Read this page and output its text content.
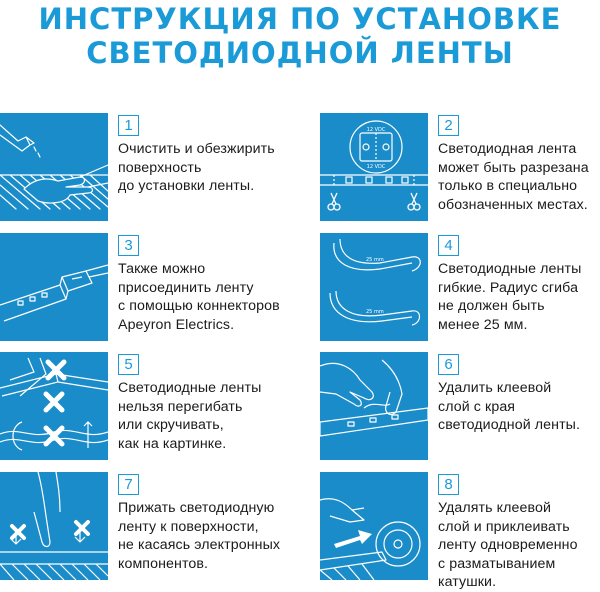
ИНСТРУКЦИЯ ПО УСТАНОВКЕ
СВЕТОДИОДНОЙ ЛЕНТЫ
1
Очистить и обезжирить
поверхность
до установки ленты.
12 VDC
12 VDC
2
Светодиодная лента
может быть разрезана
только в специально
обозначенных местах.
3
Также можно
присоединить ленту
с помощью коннекторов
Apeyron Electrics.
25 mm
25 mm
4
Светодиодные ленты
гибкие. Радиус сгиба
не должен быть
менее 25 мм.
5
Светодиодные ленты
нельзя перегибать
или скручивать,
как на картинке.
6
Удалить клеевой
слой с края
светодиодной ленты.
7
Прижать светодиодную
ленту к поверхности,
не касаясь электронных
компонентов.
8
Удалять клеевой
слой и приклеивать
ленту одновременно
с разматыванием
катушки.
